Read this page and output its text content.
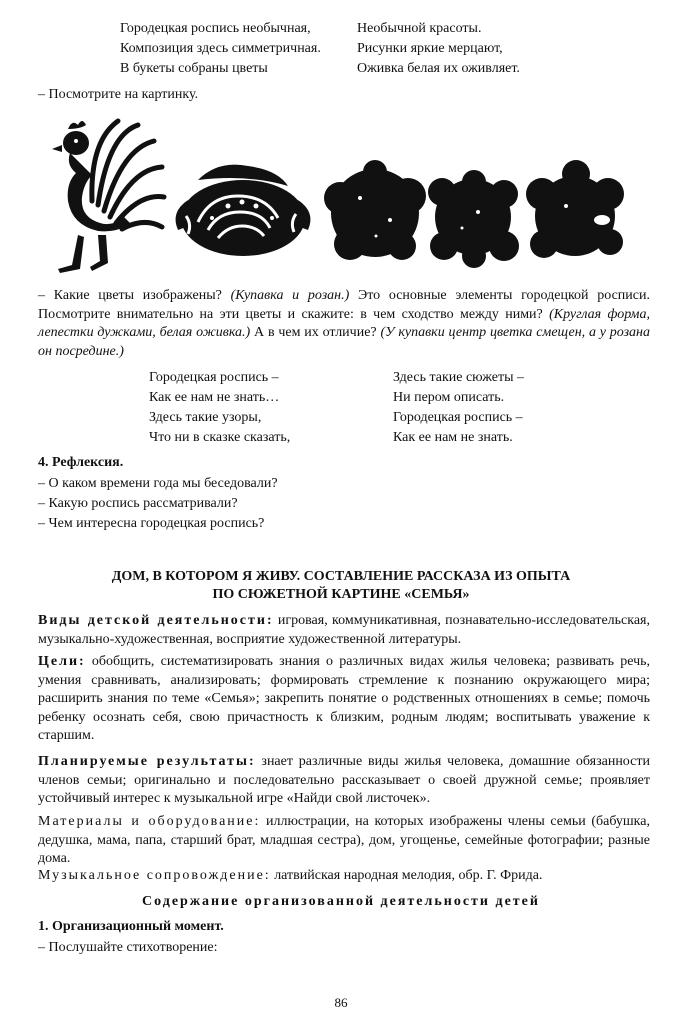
Городецкая роспись необычная,
Композиция здесь симметричная.
В букеты собраны цветы
Необычной красоты.
Рисунки яркие мерцают,
Оживка белая их оживляет.
– Посмотрите на картинку.
– Какие цветы изображены? (Купавка и розан.) Это основные элементы городецкой росписи. Посмотрите внимательно на эти цветы и скажите: в чем сходство между ними? (Круглая форма, лепестки дужками, белая оживка.) А в чем их отличие? (У купавки центр цветка смещен, а у розана он посредине.)
Городецкая роспись –
Как ее нам не знать…
Здесь такие узоры,
Что ни в сказке сказать,
Здесь такие сюжеты –
Ни пером описать.
Городецкая роспись –
Как ее нам не знать.
4. Рефлексия.
– О каком времени года мы беседовали?
– Какую роспись рассматривали?
– Чем интересна городецкая роспись?
ДОМ, В КОТОРОМ Я ЖИВУ. СОСТАВЛЕНИЕ РАССКАЗА ИЗ ОПЫТА
ПО СЮЖЕТНОЙ КАРТИНЕ «СЕМЬЯ»
Виды детской деятельности: игровая, коммуникативная, познавательно-исследовательская, музыкально-художественная, восприятие художественной литературы.
Цели: обобщить, систематизировать знания о различных видах жилья человека; развивать речь, умения сравнивать, анализировать; формировать стремление к познанию окружающего мира; расширить знания по теме «Семья»; закрепить понятие о родственных отношениях в семье; помочь ребенку осознать себя, свою причастность к близким, родным людям; воспитывать уважение к старшим.
Планируемые результаты: знает различные виды жилья человека, домашние обязанности членов семьи; оригинально и последовательно рассказывает о своей дружной семье; проявляет устойчивый интерес к музыкальной игре «Найди свой листочек».
Материалы и оборудование: иллюстрации, на которых изображены члены семьи (бабушка, дедушка, мама, папа, старший брат, младшая сестра), дом, угощенье, семейные фотографии; разные дома.
Музыкальное сопровождение: латвийская народная мелодия, обр. Г. Фрида.
Содержание организованной деятельности детей
1. Организационный момент.
– Послушайте стихотворение:
86
